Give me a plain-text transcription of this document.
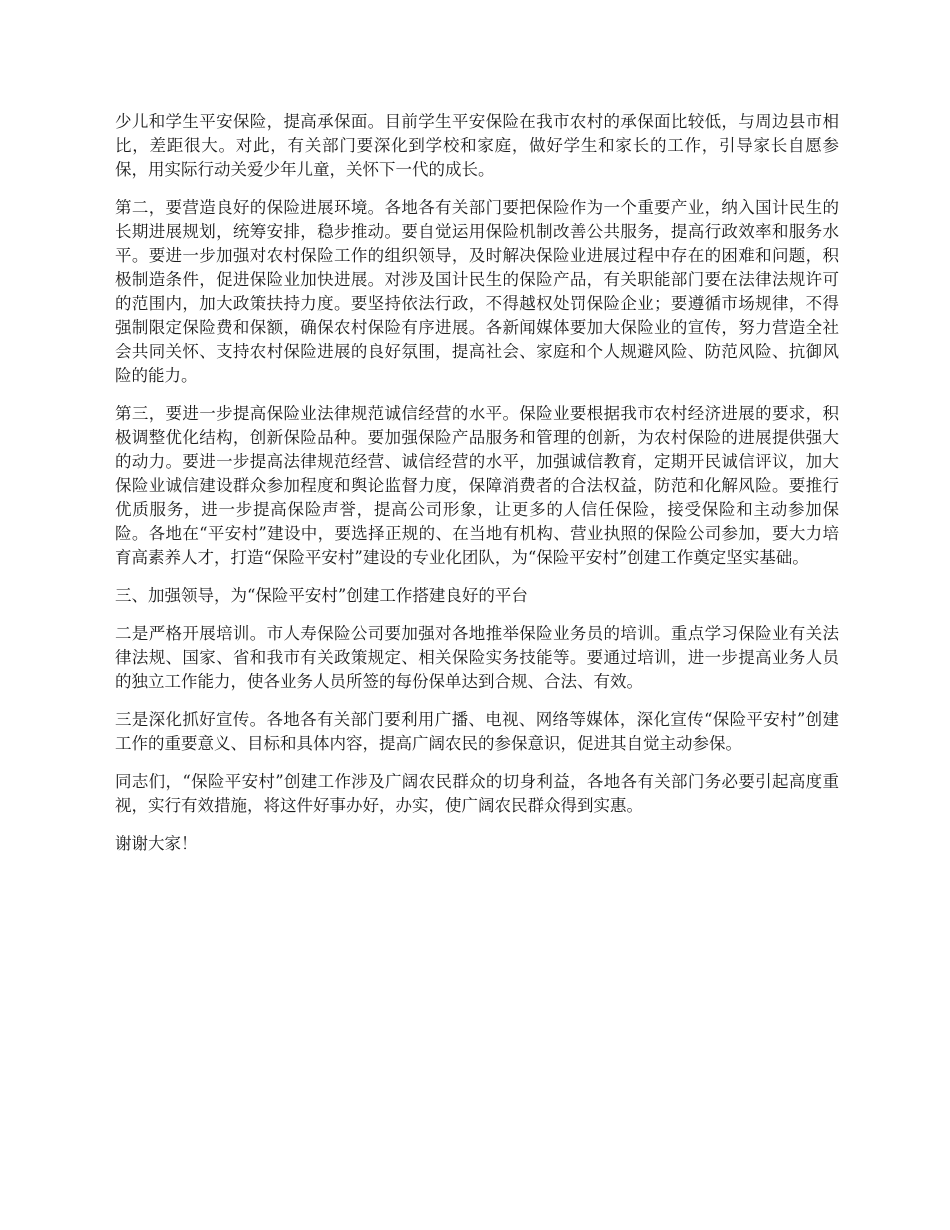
少儿和学生平安保险，提高承保面。目前学生平安保险在我市农村的承保面比较低，与周边县市相比，差距很大。对此，有关部门要深化到学校和家庭，做好学生和家长的工作，引导家长自愿参保，用实际行动关爱少年儿童，关怀下一代的成长。

第二，要营造良好的保险进展环境。各地各有关部门要把保险作为一个重要产业，纳入国计民生的长期进展规划，统筹安排，稳步推动。要自觉运用保险机制改善公共服务，提高行政效率和服务水平。要进一步加强对农村保险工作的组织领导，及时解决保险业进展过程中存在的困难和问题，积极制造条件，促进保险业加快进展。对涉及国计民生的保险产品，有关职能部门要在法律法规许可的范围内，加大政策扶持力度。要坚持依法行政，不得越权处罚保险企业；要遵循市场规律，不得强制限定保险费和保额，确保农村保险有序进展。各新闻媒体要加大保险业的宣传，努力营造全社会共同关怀、支持农村保险进展的良好氛围，提高社会、家庭和个人规避风险、防范风险、抗御风险的能力。

第三，要进一步提高保险业法律规范诚信经营的水平。保险业要根据我市农村经济进展的要求，积极调整优化结构，创新保险品种。要加强保险产品服务和管理的创新，为农村保险的进展提供强大的动力。要进一步提高法律规范经营、诚信经营的水平，加强诚信教育，定期开民诚信评议，加大保险业诚信建设群众参加程度和舆论监督力度，保障消费者的合法权益，防范和化解风险。要推行优质服务，进一步提高保险声誉，提高公司形象，让更多的人信任保险，接受保险和主动参加保险。各地在“平安村”建设中，要选择正规的、在当地有机构、营业执照的保险公司参加，要大力培育高素养人才，打造“保险平安村”建设的专业化团队，为“保险平安村”创建工作奠定坚实基础。

三、加强领导，为“保险平安村”创建工作搭建良好的平台

二是严格开展培训。市人寿保险公司要加强对各地推举保险业务员的培训。重点学习保险业有关法律法规、国家、省和我市有关政策规定、相关保险实务技能等。要通过培训，进一步提高业务人员的独立工作能力，使各业务人员所签的每份保单达到合规、合法、有效。

三是深化抓好宣传。各地各有关部门要利用广播、电视、网络等媒体，深化宣传“保险平安村”创建工作的重要意义、目标和具体内容，提高广阔农民的参保意识，促进其自觉主动参保。

同志们，“保险平安村”创建工作涉及广阔农民群众的切身利益，各地各有关部门务必要引起高度重视，实行有效措施，将这件好事办好，办实，使广阔农民群众得到实惠。

谢谢大家！
